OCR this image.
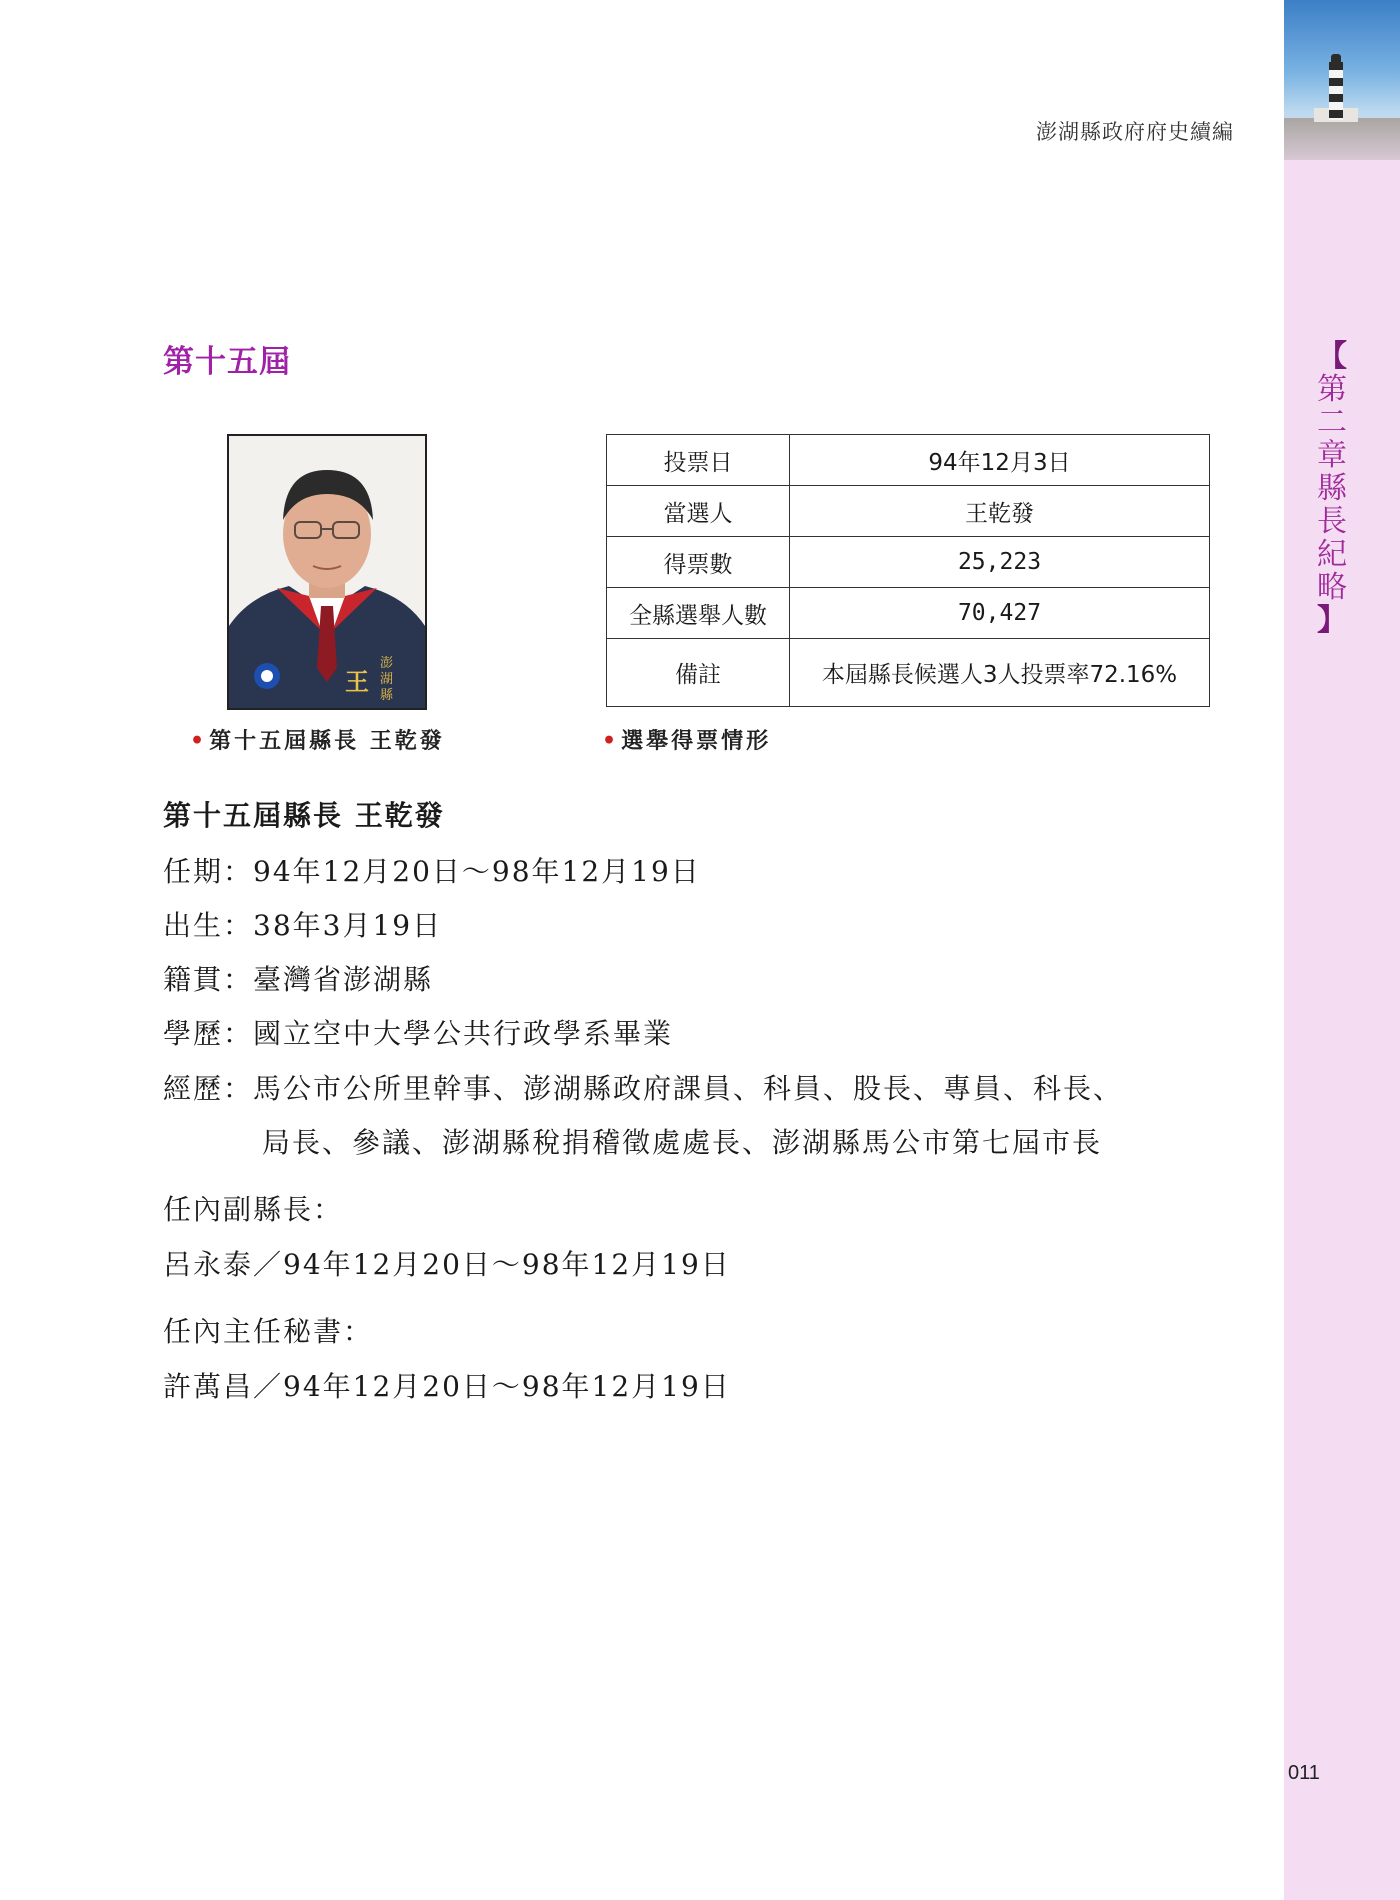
【
第
二
章
縣
長
紀
略
】
011
澎湖縣政府府史續編
第十五屆
王
澎
湖
縣
•第十五屆縣長 王乾發
投票日	94年12月3日
當選人	王乾發
得票數	25,223
全縣選舉人數	70,427
備註	本屆縣長候選人3人投票率72.16%
•選舉得票情形
第十五屆縣長 王乾發
任期：94年12月20日～98年12月19日
出生：38年3月19日
籍貫：臺灣省澎湖縣
學歷：國立空中大學公共行政學系畢業
經歷：馬公市公所里幹事、澎湖縣政府課員、科員、股長、專員、科長、
局長、參議、澎湖縣稅捐稽徵處處長、澎湖縣馬公市第七屆市長
任內副縣長：
呂永泰／94年12月20日～98年12月19日
任內主任秘書：
許萬昌／94年12月20日～98年12月19日
